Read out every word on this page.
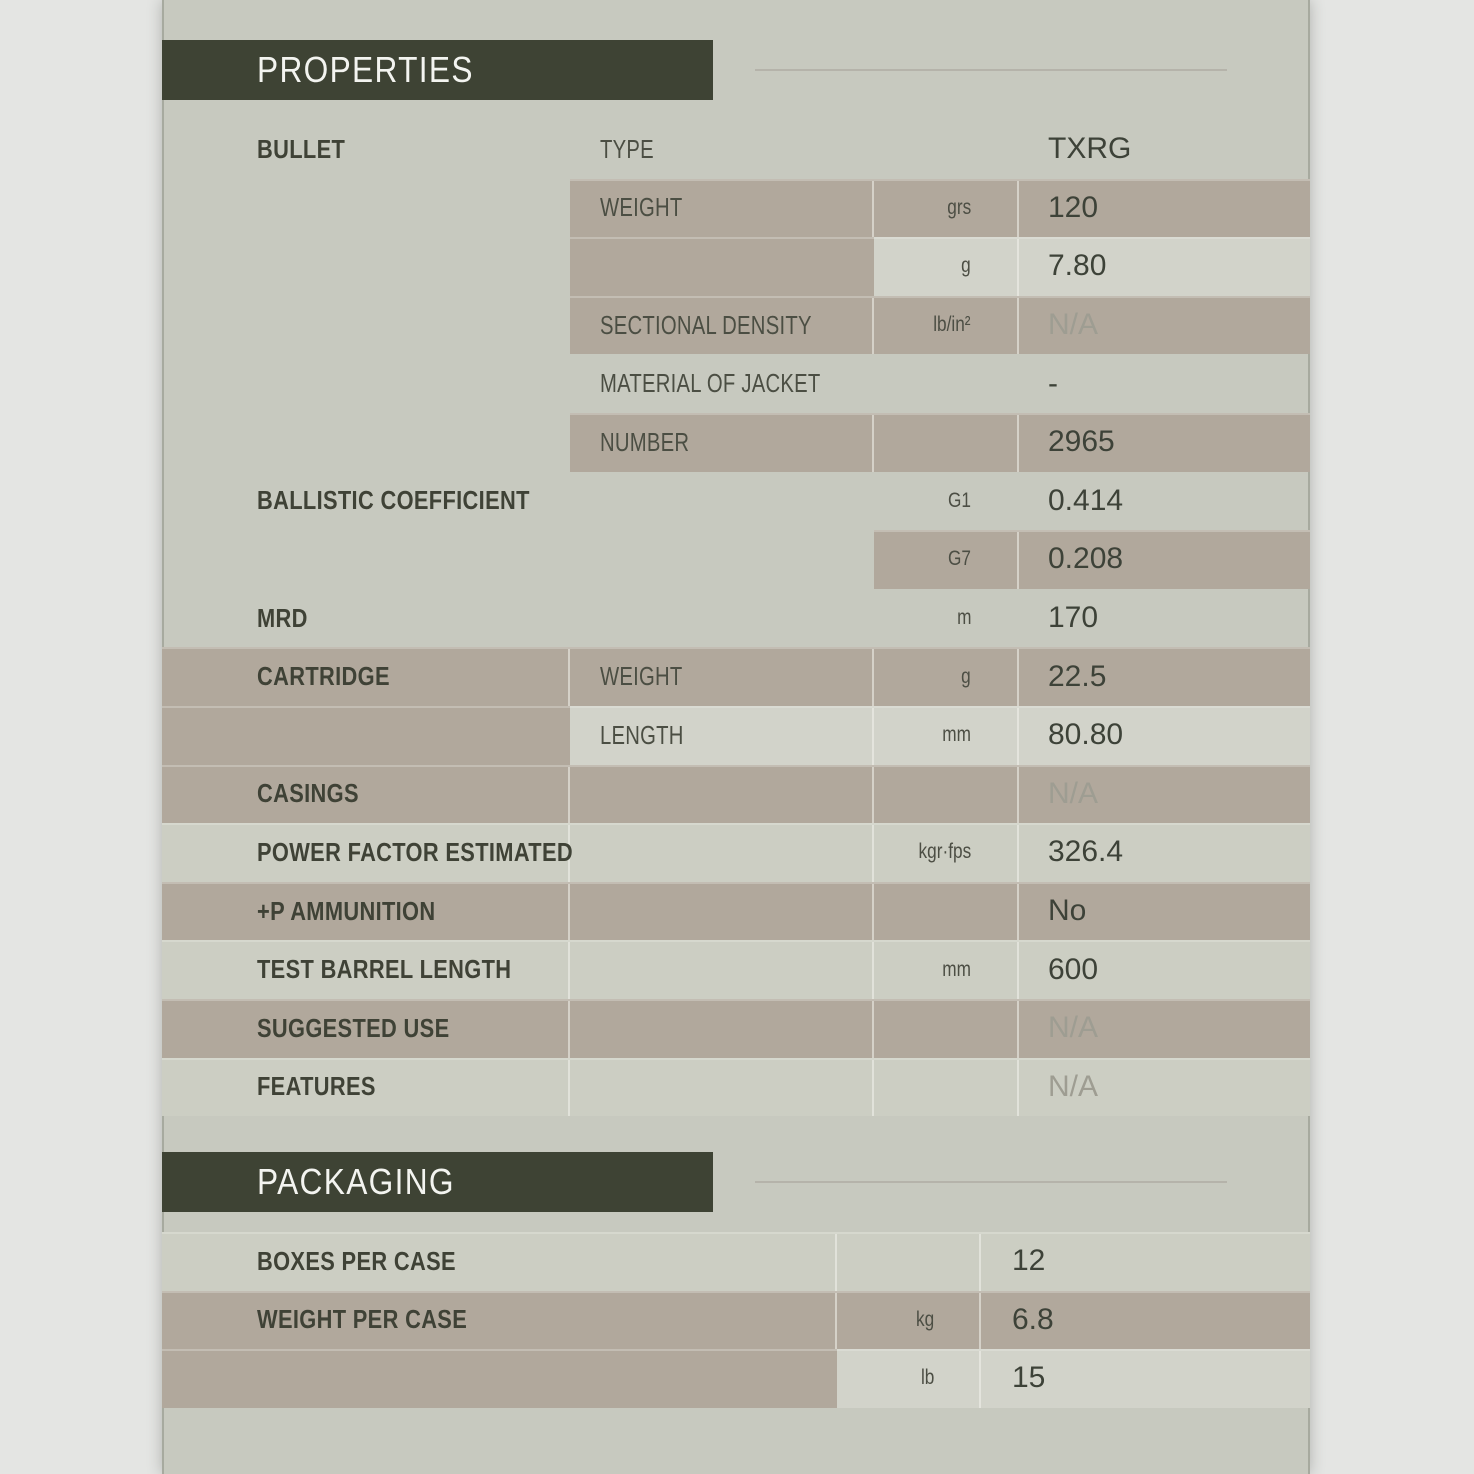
PROPERTIES
BULLET	TYPE	TXRG
WEIGHT	grs	120
g	7.80
SECTIONAL DENSITY	lb/in²	N/A
MATERIAL OF JACKET	-
NUMBER	2965
BALLISTIC COEFFICIENT	G1	0.414
G7	0.208
MRD	m	170
CARTRIDGE	WEIGHT	g	22.5
LENGTH	mm	80.80
CASINGS	N/A
POWER FACTOR ESTIMATED	kgr·fps	326.4
+P AMMUNITION	No
TEST BARREL LENGTH	mm	600
SUGGESTED USE	N/A
FEATURES	N/A
PACKAGING
BOXES PER CASE	12
WEIGHT PER CASE	kg	6.8
lb	15
